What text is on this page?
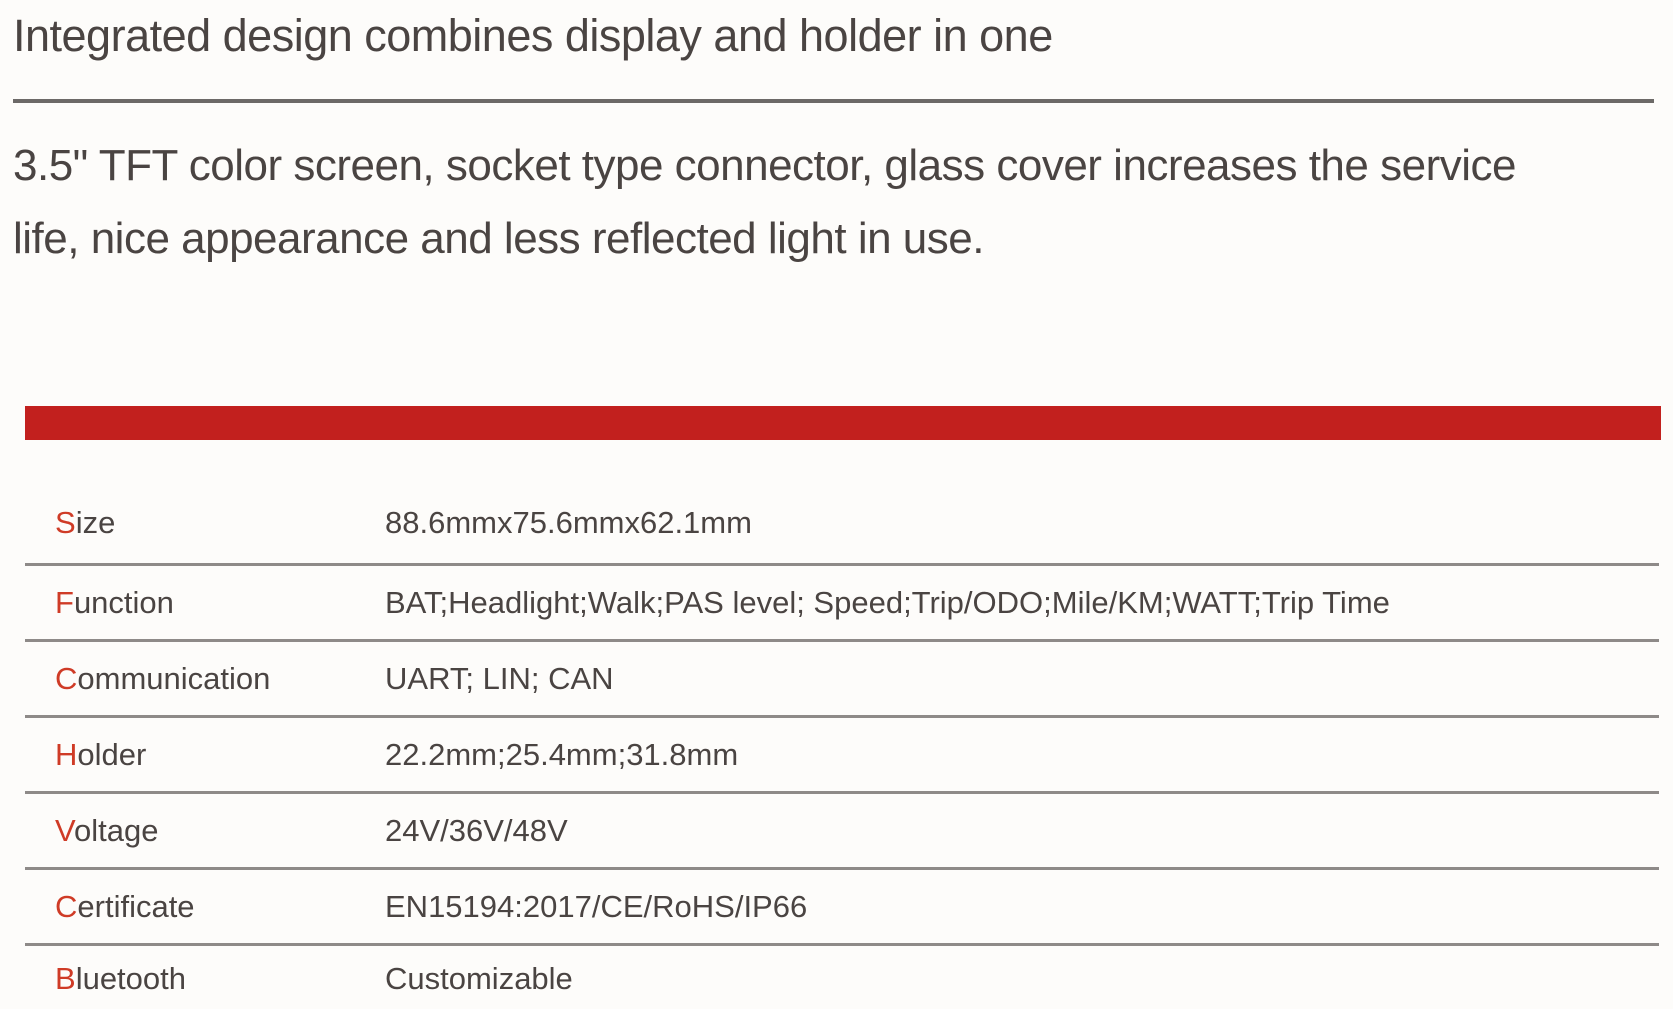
Integrated design combines display and holder in one
3.5" TFT color screen, socket type connector, glass cover increases the service
life, nice appearance and less reflected light in use.
Size	88.6mmx75.6mmx62.1mm
Function	BAT;Headlight;Walk;PAS level; Speed;Trip/ODO;Mile/KM;WATT;Trip Time
Communication	UART; LIN; CAN
Holder	22.2mm;25.4mm;31.8mm
Voltage	24V/36V/48V
Certificate	EN15194:2017/CE/RoHS/IP66
Bluetooth	Customizable
